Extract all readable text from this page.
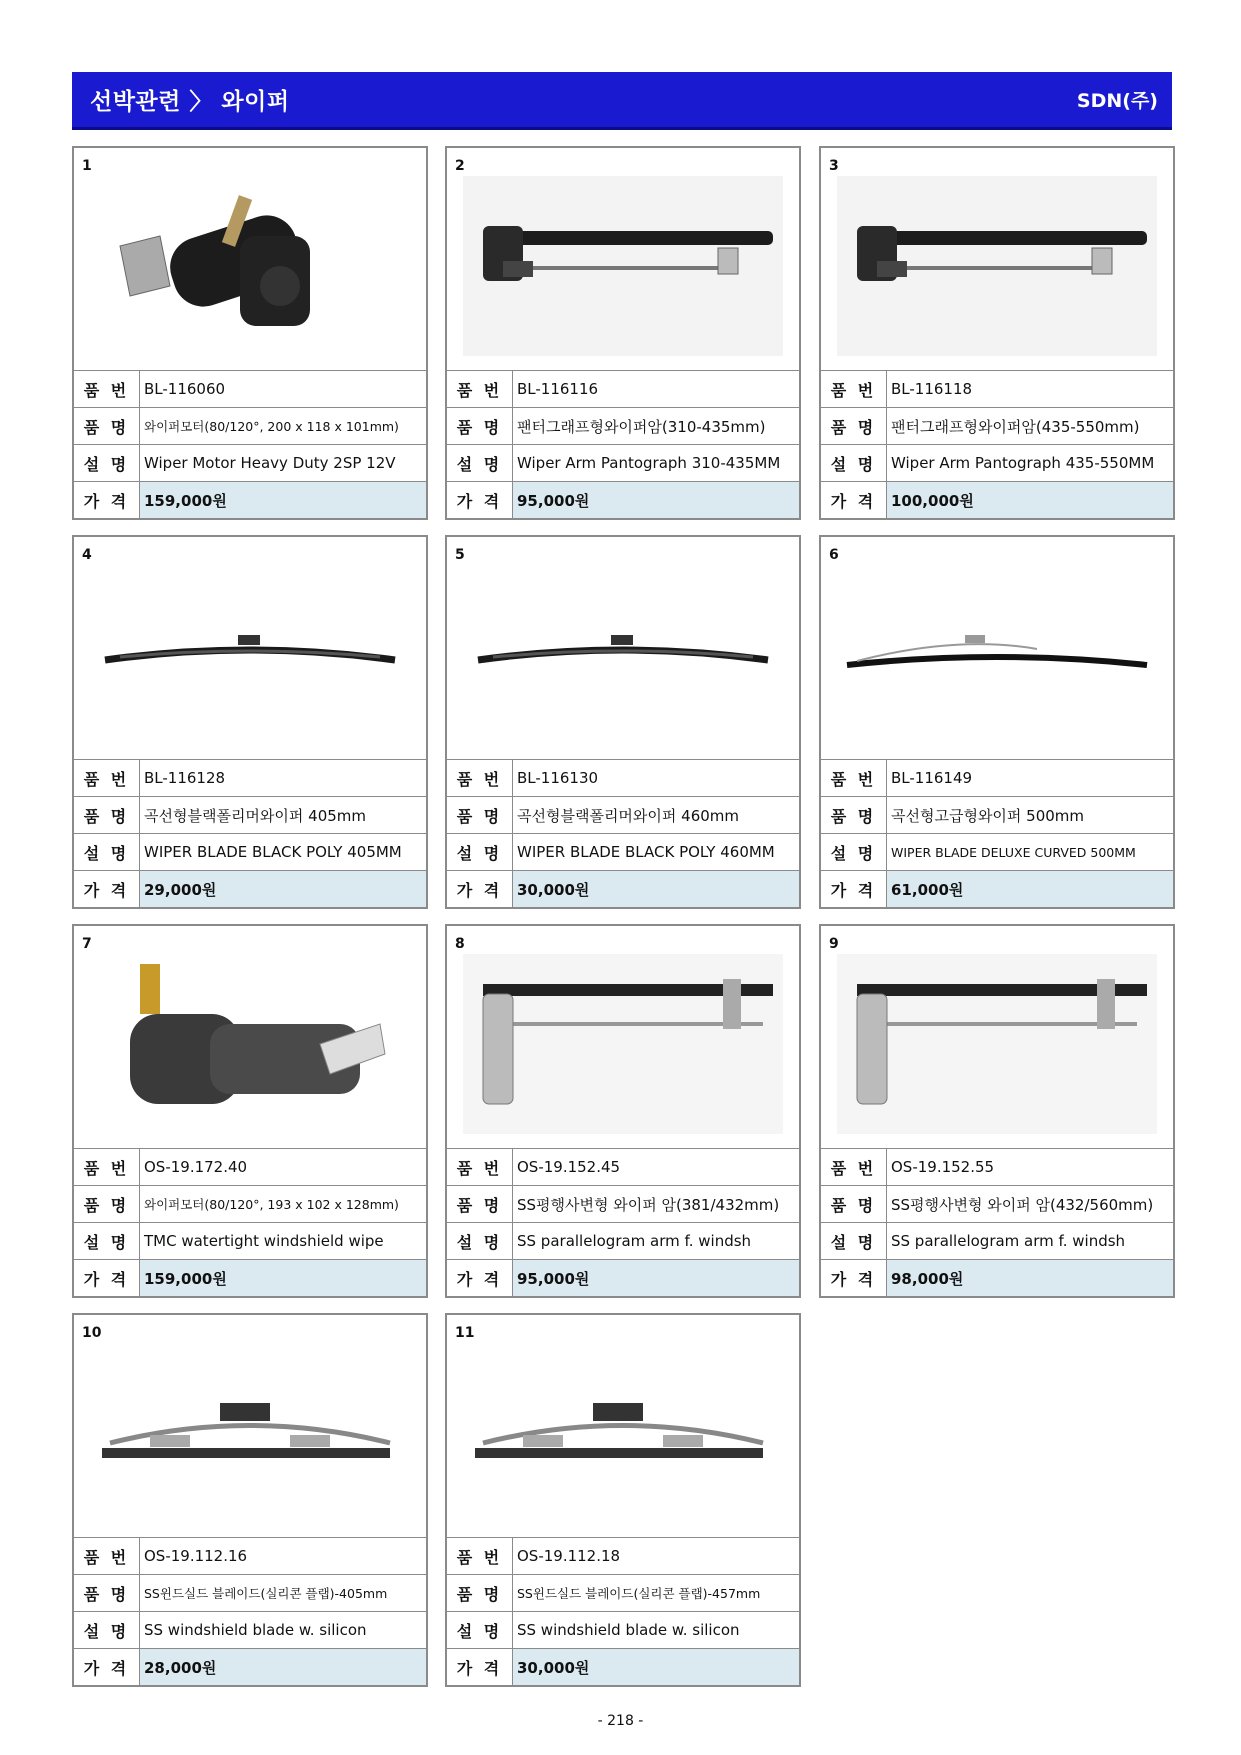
선박관련 〉 와이퍼	SDN(주)
1
품 번 BL-116060
품 명	와이퍼모터(80/120°, 200 x 118 x 101mm)
설 명 Wiper Motor Heavy Duty 2SP 12V
가 격 159,000원
2
품 번 BL-116116
품 명 팬터그래프형와이퍼암(310-435mm)
설 명 Wiper Arm Pantograph 310-435MM
가 격 95,000원
3
품 번 BL-116118
품 명 팬터그래프형와이퍼암(435-550mm)
설 명 Wiper Arm Pantograph 435-550MM
가 격 100,000원
4
품 번 BL-116128
품 명 곡선형블랙폴리머와이퍼 405mm
설 명 WIPER BLADE BLACK POLY 405MM
가 격 29,000원
5
품 번 BL-116130
품 명 곡선형블랙폴리머와이퍼 460mm
설 명 WIPER BLADE BLACK POLY 460MM
가 격 30,000원
6
품 번 BL-116149
품 명 곡선형고급형와이퍼 500mm
설 명	WIPER BLADE DELUXE CURVED 500MM
가 격 61,000원
7
품 번 OS-19.172.40
품 명	와이퍼모터(80/120°, 193 x 102 x 128mm)
설 명 TMC watertight windshield wipe
가 격 159,000원
8
품 번 OS-19.152.45
품 명 SS평행사변형 와이퍼 암(381/432mm)
설 명 SS parallelogram arm f. windsh
가 격 95,000원
9
품 번 OS-19.152.55
품 명 SS평행사변형 와이퍼 암(432/560mm)
설 명 SS parallelogram arm f. windsh
가 격 98,000원
10
품 번 OS-19.112.16
품 명	SS윈드실드 블레이드(실리콘 플랩)-405mm
설 명 SS windshield blade w. silicon
가 격 28,000원
11
품 번 OS-19.112.18
품 명	SS윈드실드 블레이드(실리콘 플랩)-457mm
설 명 SS windshield blade w. silicon
가 격 30,000원
- 218 -
